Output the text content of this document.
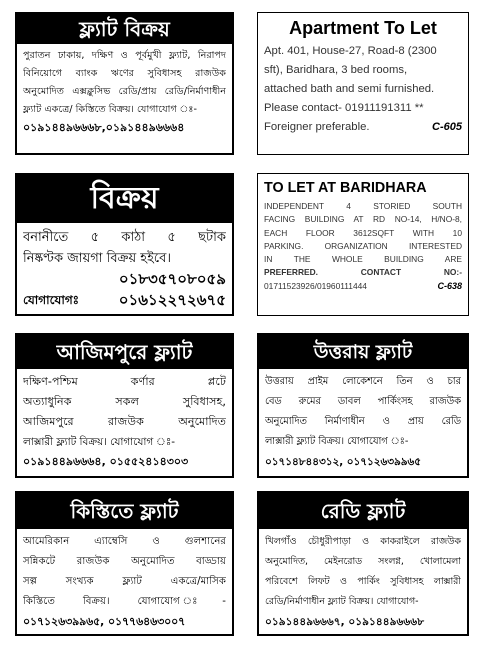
ফ্ল্যাট বিক্রয়
পুরাতন ঢাকায়, দক্ষিণ ও পূর্বমুখী ফ্ল্যাট, নিরাপদ
বিনিয়োগে ব্যাংক ঋণের সুবিধাসহ রাজউক
অনুমোদিত এক্সক্লুসিভ রেডি/প্রায় রেডি/নির্মাণাধীন
ফ্ল্যাট একত্রে/ কিস্তিতে বিক্রয়। যোগাযোগ ঃ-
০১৯১৪৪৯৬৬৬৮,০১৯১৪৪৯৬৬৬৪
Apartment To Let
Apt. 401, House-27, Road-8 (2300
sft), Baridhara, 3 bed rooms,
attached bath and semi furnished.
Please contact- 01911191311 **
Foreigner preferable.	C-605
বিক্রয়
বনানীতে ৫ কাঠা ৫ ছটাক
নিষ্কণ্টক জায়গা বিক্রয় হইবে।
০১৮৩৫৭০৮০৫৯
যোগাযোগঃ	০১৬১২২৭২৬৭৫
TO LET AT BARIDHARA
INDEPENDENT 4 STORIED SOUTH
FACING BUILDING AT RD NO-14, H/NO-8,
EACH FLOOR 3612SQFT WITH 10
PARKING. ORGANIZATION INTERESTED
IN THE WHOLE BUILDING ARE
PREFERRED. CONTACT NO:-
01711523926/01960111444	C-638
আজিমপুরে ফ্ল্যাট
দক্ষিণ-পশ্চিম কর্ণার প্লটে
অত্যাধুনিক সকল সুবিধাসহ,
আজিমপুরে রাজউক অনুমোদিত
লাক্সারী ফ্ল্যাট বিক্রয়। যোগাযোগ ঃ-
০১৯১৪৪৯৬৬৬৪, ০১৫৫২৪১৪৩০৩
উত্তরায় ফ্ল্যাট
উত্তরায় প্রাইম লোকেশনে তিন ও চার
বেড রুমের ডাবল পার্কিংসহ রাজউক
অনুমোদিত নির্মাণাধীন ও প্রায় রেডি
লাক্সারী ফ্ল্যাট বিক্রয়। যোগাযোগ ঃ-
০১৭১৪৮৪৪৩১২, ০১৭১২৬৩৯৯৬৫
কিস্তিতে ফ্ল্যাট
আমেরিকান এ্যাম্বেসি ও গুলশানের
সন্নিকটে রাজউক অনুমোদিত বাড্ডায়
সল্প সংখ্যক ফ্ল্যাট একত্রে/মাসিক
কিস্তিতে বিক্রয়। যোগাযোগ ঃ-
০১৭১২৬৩৯৯৬৫, ০১৭৭৬৪৬৩০০৭
রেডি ফ্ল্যাট
খিলগাঁও চৌধুরীপাড়া ও কাকরাইলে রাজউক
অনুমোদিত, মেইনরোড সংলগ্ন, খোলামেলা
পরিবেশে লিফট ও পার্কিং সুবিধাসহ লাক্সারী
রেডি/নির্মাণাধীন ফ্ল্যাট বিক্রয়। যোগাযোগ-
০১৯১৪৪৯৬৬৬৭, ০১৯১৪৪৯৬৬৬৮
